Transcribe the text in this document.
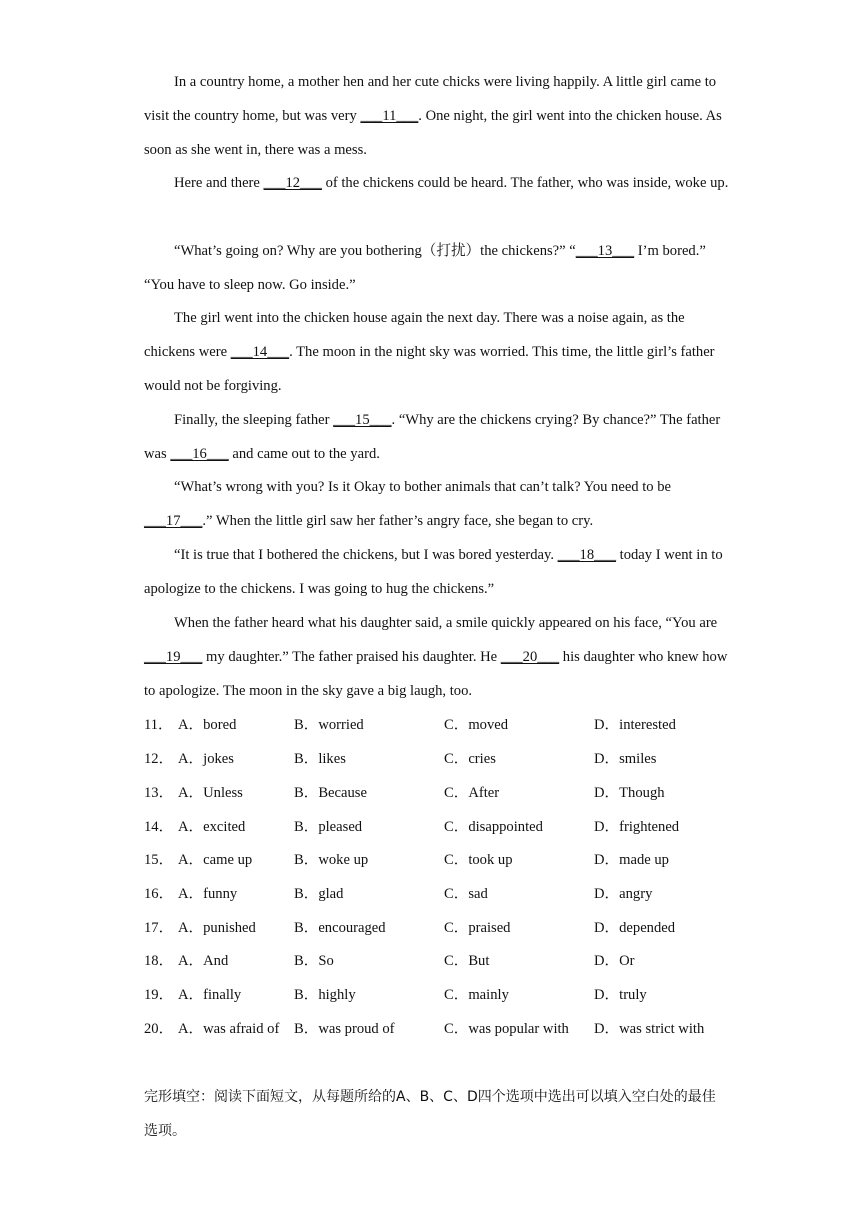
In a country home, a mother hen and her cute chicks were living happily. A little girl came to visit the country home, but was very ___11___. One night, the girl went into the chicken house. As soon as she went in, there was a mess.

Here and there ___12___ of the chickens could be heard. The father, who was inside, woke up.

“What’s going on? Why are you bothering（打扰）the chickens?” “___13___ I’m bored.” “You have to sleep now. Go inside.”

The girl went into the chicken house again the next day. There was a noise again, as the chickens were ___14___. The moon in the night sky was worried. This time, the little girl’s father would not be forgiving.

Finally, the sleeping father ___15___. “Why are the chickens crying? By chance?” The father was ___16___ and came out to the yard.

“What’s wrong with you? Is it Okay to bother animals that can’t talk? You need to be ___17___.” When the little girl saw her father’s angry face, she began to cry.

“It is true that I bothered the chickens, but I was bored yesterday. ___18___ today I went in to apologize to the chickens. I was going to hug the chickens.”

When the father heard what his daughter said, a smile quickly appeared on his face, “You are ___19___ my daughter.” The father praised his daughter. He ___20___ his daughter who knew how to apologize. The moon in the sky gave a big laugh, too.

11． A．bored	B．worried	C．moved	D．interested
12． A．jokes	B．likes	C．cries	D．smiles
13． A．Unless	B．Because	C．After	D．Though
14． A．excited	B．pleased	C．disappointed	D．frightened
15． A．came up	B．woke up	C．took up	D．made up
16． A．funny	B．glad	C．sad	D．angry
17． A．punished	B．encouraged	C．praised	D．depended
18． A．And	B．So	C．But	D．Or
19． A．finally	B．highly	C．mainly	D．truly
20． A．was afraid of B．was proud of	C．was popular with D．was strict with

完形填空：阅读下面短文，从每题所给的A、B、C、D四个选项中选出可以填入空白处的最佳选项。
